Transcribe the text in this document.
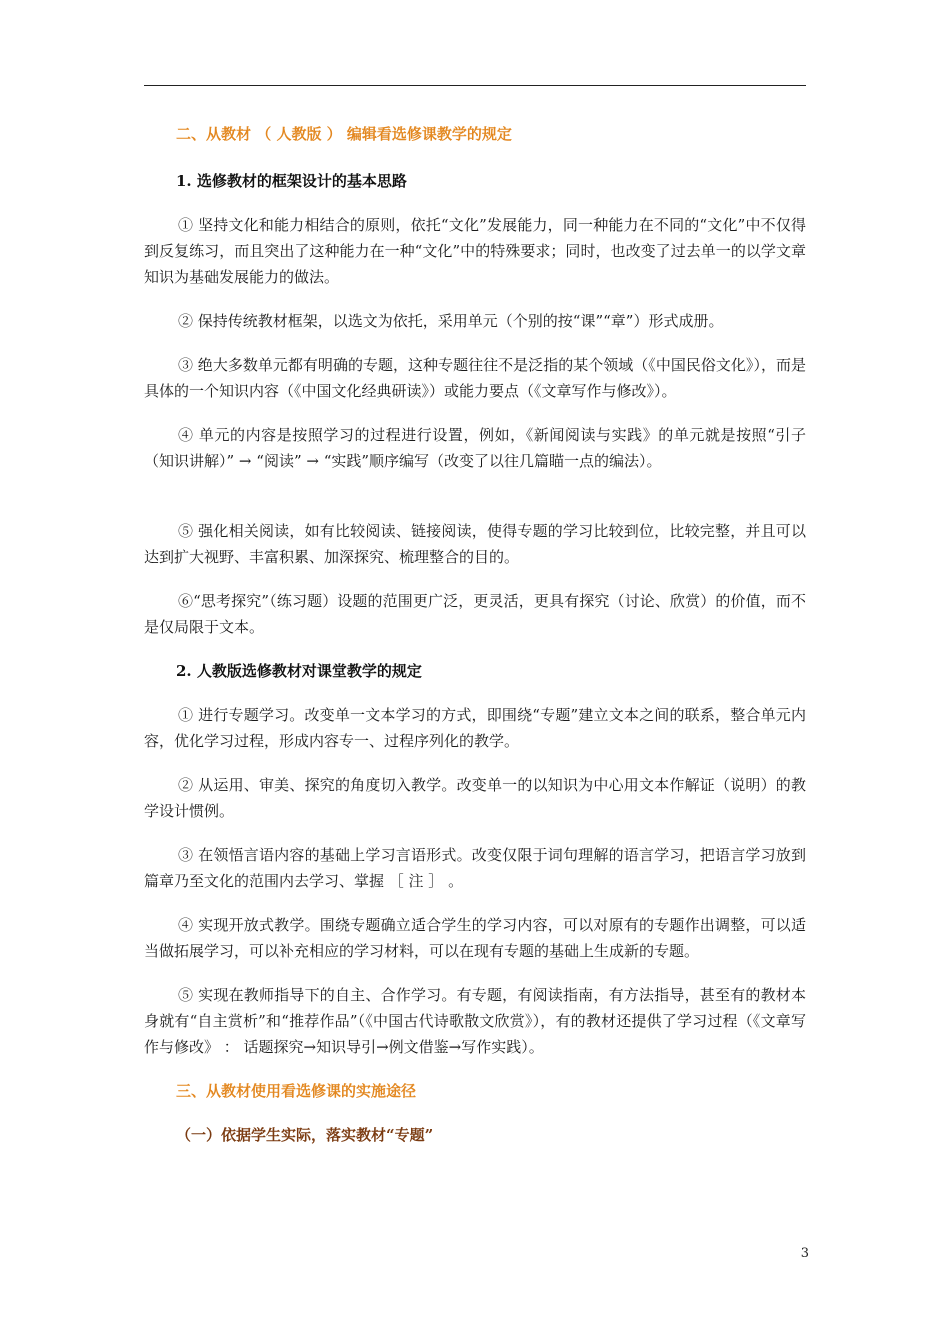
二、从教材 （ 人教版 ） 编辑看选修课教学的规定

1. 选修教材的框架设计的基本思路

① 坚持文化和能力相结合的原则，依托“文化”发展能力，同一种能力在不同的“文化”中不仅得到反复练习，而且突出了这种能力在一种“文化”中的特殊要求；同时，也改变了过去单一的以学文章知识为基础发展能力的做法。

② 保持传统教材框架，以选文为依托，采用单元（个别的按“课”“章”）形式成册。

③ 绝大多数单元都有明确的专题，这种专题往往不是泛指的某个领域（《中国民俗文化》），而是具体的一个知识内容（《中国文化经典研读》）或能力要点（《文章写作与修改》）。

④ 单元的内容是按照学习的过程进行设置，例如，《新闻阅读与实践》的单元就是按照“引子（知识讲解）” → “阅读” → “实践”顺序编写（改变了以往几篇瞄一点的编法）。

⑤ 强化相关阅读，如有比较阅读、链接阅读，使得专题的学习比较到位，比较完整，并且可以达到扩大视野、丰富积累、加深探究、梳理整合的目的。

⑥“思考探究”（练习题）设题的范围更广泛，更灵活，更具有探究（讨论、欣赏）的价值，而不是仅局限于文本。

2. 人教版选修教材对课堂教学的规定

① 进行专题学习。改变单一文本学习的方式，即围绕“专题”建立文本之间的联系，整合单元内容，优化学习过程，形成内容专一、过程序列化的教学。

② 从运用、审美、探究的角度切入教学。改变单一的以知识为中心用文本作解证（说明）的教学设计惯例。

③ 在领悟言语内容的基础上学习言语形式。改变仅限于词句理解的语言学习，把语言学习放到篇章乃至文化的范围内去学习、掌握 ［ 注 ］ 。

④ 实现开放式教学。围绕专题确立适合学生的学习内容，可以对原有的专题作出调整，可以适当做拓展学习，可以补充相应的学习材料，可以在现有专题的基础上生成新的专题。

⑤ 实现在教师指导下的自主、合作学习。有专题，有阅读指南，有方法指导，甚至有的教材本身就有“自主赏析”和“推荐作品”（《中国古代诗歌散文欣赏》），有的教材还提供了学习过程（《文章写作与修改》 ： 话题探究→知识导引→例文借鉴→写作实践）。

三、从教材使用看选修课的实施途径

（一）依据学生实际，落实教材“专题”

3
